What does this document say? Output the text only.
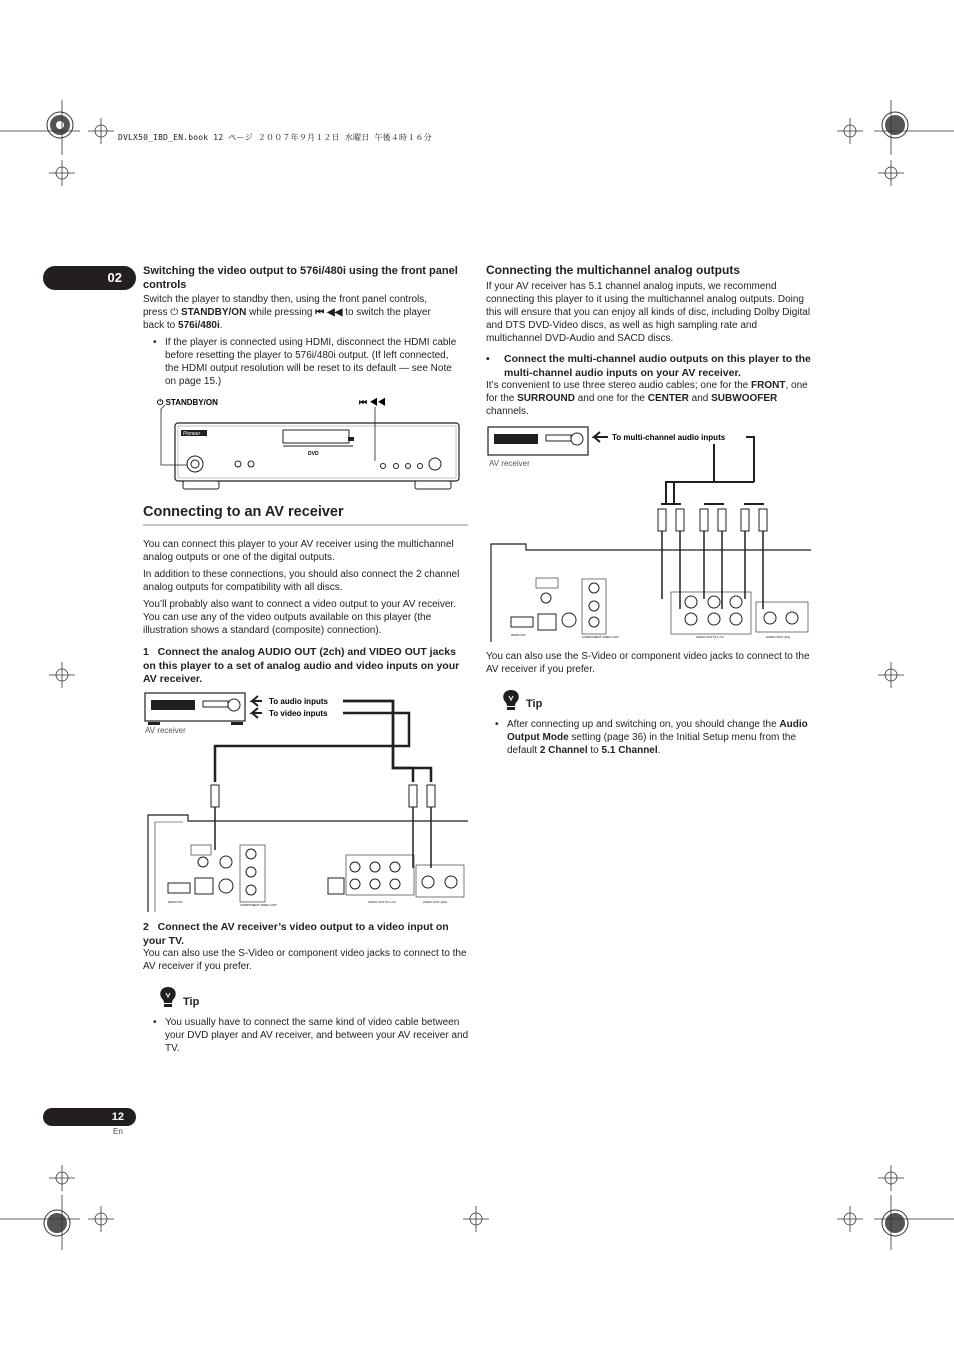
DVLX50_IBD_EN.book 12 ページ ２００７年９月１２日 水曜日 午後４時１６分
02	Switching the video output to 576i/480i using the front panel controls
Switch the player to standby then, using the front panel controls,
press ⏻ STANDBY/ON while pressing ⏮ ◀◀ to switch the player
back to 576i/480i.
• If the player is connected using HDMI, disconnect the HDMI cable before resetting the player to 576i/480i output. (If left connected, the HDMI output resolution will be reset to its default — see Note on page 15.)
⏻ STANDBY/ON	⏮ ◀◀
Pioneer
DVD
Connecting to an AV receiver
You can connect this player to your AV receiver using the multichannel analog outputs or one of the digital outputs.
In addition to these connections, you should also connect the 2 channel analog outputs for compatibility with all discs.
You’ll probably also want to connect a video output to your AV receiver. You can use any of the video outputs available on this player (the illustration shows a standard (composite) connection).
1 Connect the analog AUDIO OUT (2ch) and VIDEO OUT jacks on this player to a set of analog audio and video inputs on your AV receiver.
AV receiver
To audio inputs
To video inputs
HDMI OUT
COMPONENT VIDEO OUT
AUDIO OUT (5.1 ch)	AUDIO OUT (2ch)
2 Connect the AV receiver’s video output to a video input on your TV.
You can also use the S-Video or component video jacks to connect to the AV receiver if you prefer.
Tip
• You usually have to connect the same kind of video cable between your DVD player and AV receiver, and between your AV receiver and TV.
Connecting the multichannel analog outputs
If your AV receiver has 5.1 channel analog inputs, we recommend connecting this player to it using the multichannel analog outputs. Doing this will ensure that you can enjoy all kinds of disc, including Dolby Digital and DTS DVD-Video discs, as well as high sampling rate and multichannel DVD-Audio and SACD discs.
•	Connect the multi-channel audio outputs on this player to the multi-channel audio inputs on your AV receiver.
It’s convenient to use three stereo audio cables; one for the FRONT, one for the SURROUND and one for the CENTER and SUBWOOFER channels.
AV receiver
To multi-channel audio inputs
HDMI OUT	COMPONENT VIDEO OUT	AUDIO OUT (5.1 ch)	AUDIO OUT (2ch)
You can also use the S-Video or component video jacks to connect to the AV receiver if you prefer.
Tip
• After connecting up and switching on, you should change the Audio Output Mode setting (page 36) in the Initial Setup menu from the default 2 Channel to 5.1 Channel.
12
En
